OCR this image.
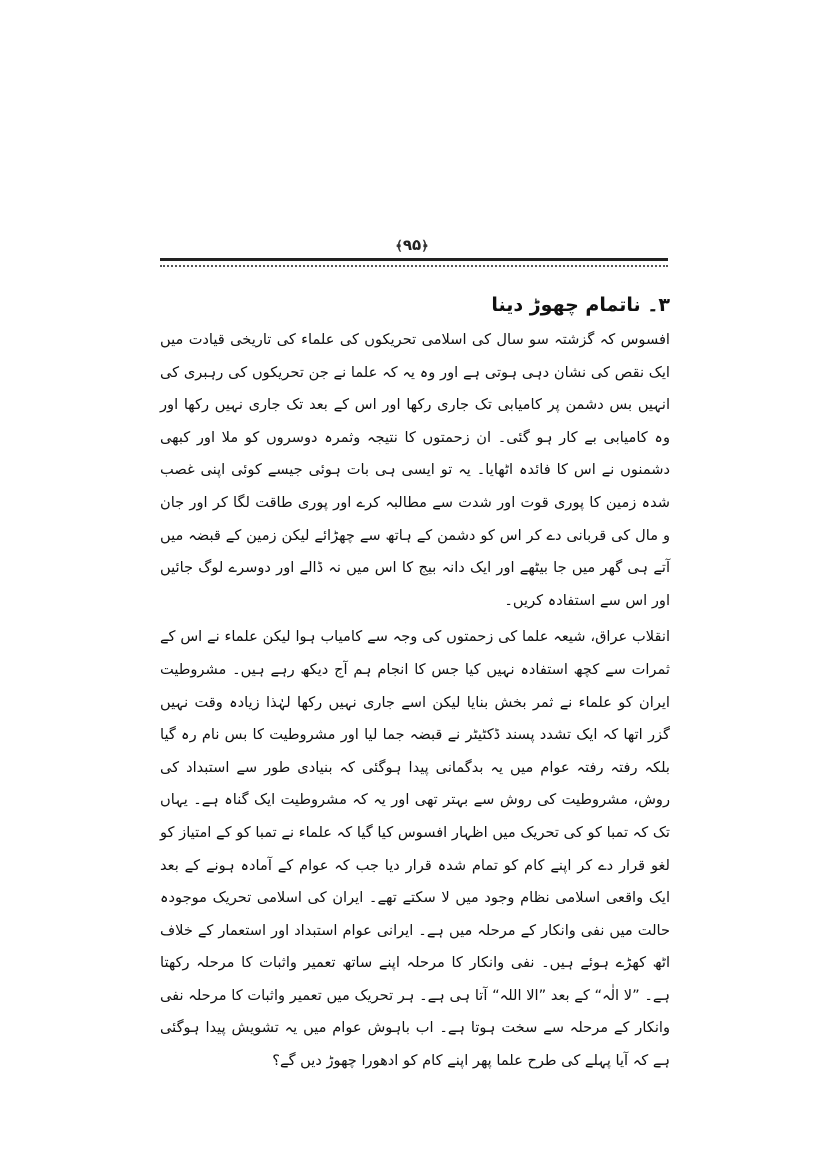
﴿۹۵﴾
۳۔ ناتمام چھوڑ دینا

افسوس کہ گزشتہ سو سال کی اسلامی تحریکوں کی علماء کی تاریخی قیادت میں ایک نقص کی نشان دہی ہوتی ہے اور وہ یہ کہ علما نے جن تحریکوں کی رہبری کی انہیں بس دشمن پر کامیابی تک جاری رکھا اور اس کے بعد تک جاری نہیں رکھا اور وہ کامیابی بے کار ہو گئی۔ ان زحمتوں کا نتیجہ وثمرہ دوسروں کو ملا اور کبھی دشمنوں نے اس کا فائدہ اٹھایا۔ یہ تو ایسی ہی بات ہوئی جیسے کوئی اپنی غصب شدہ زمین کا پوری قوت اور شدت سے مطالبہ کرے اور پوری طاقت لگا کر اور جان و مال کی قربانی دے کر اس کو دشمن کے ہاتھ سے چھڑائے لیکن زمین کے قبضہ میں آتے ہی گھر میں جا بیٹھے اور ایک دانہ بیج کا اس میں نہ ڈالے اور دوسرے لوگ جائیں اور اس سے استفادہ کریں۔

انقلاب عراق، شیعہ علما کی زحمتوں کی وجہ سے کامیاب ہوا لیکن علماء نے اس کے ثمرات سے کچھ استفادہ نہیں کیا جس کا انجام ہم آج دیکھ رہے ہیں۔ مشروطیت ایران کو علماء نے ثمر بخش بنایا لیکن اسے جاری نہیں رکھا لہٰذا زیادہ وقت نہیں گزر اتھا کہ ایک تشدد پسند ڈکٹیٹر نے قبضہ جما لیا اور مشروطیت کا بس نام رہ گیا بلکہ رفتہ رفتہ عوام میں یہ بدگمانی پیدا ہوگئی کہ بنیادی طور سے استبداد کی روش، مشروطیت کی روش سے بہتر تھی اور یہ کہ مشروطیت ایک گناہ ہے۔ یہاں تک کہ تمبا کو کی تحریک میں اظہار افسوس کیا گیا کہ علماء نے تمبا کو کے امتیاز کو لغو قرار دے کر اپنے کام کو تمام شدہ قرار دیا جب کہ عوام کے آمادہ ہونے کے بعد ایک واقعی اسلامی نظام وجود میں لا سکتے تھے۔ ایران کی اسلامی تحریک موجودہ حالت میں نفی وانکار کے مرحلہ میں ہے۔ ایرانی عوام استبداد اور استعمار کے خلاف اٹھ کھڑے ہوئے ہیں۔ نفی وانکار کا مرحلہ اپنے ساتھ تعمیر واثبات کا مرحلہ رکھتا ہے۔ ”لا الٰہ“ کے بعد ”الا اللہ“ آتا ہی ہے۔ ہر تحریک میں تعمیر واثبات کا مرحلہ نفی وانکار کے مرحلہ سے سخت ہوتا ہے۔ اب باہوش عوام میں یہ تشویش پیدا ہوگئی ہے کہ آیا پہلے کی طرح علما پھر اپنے کام کو ادھورا چھوڑ دیں گے؟
